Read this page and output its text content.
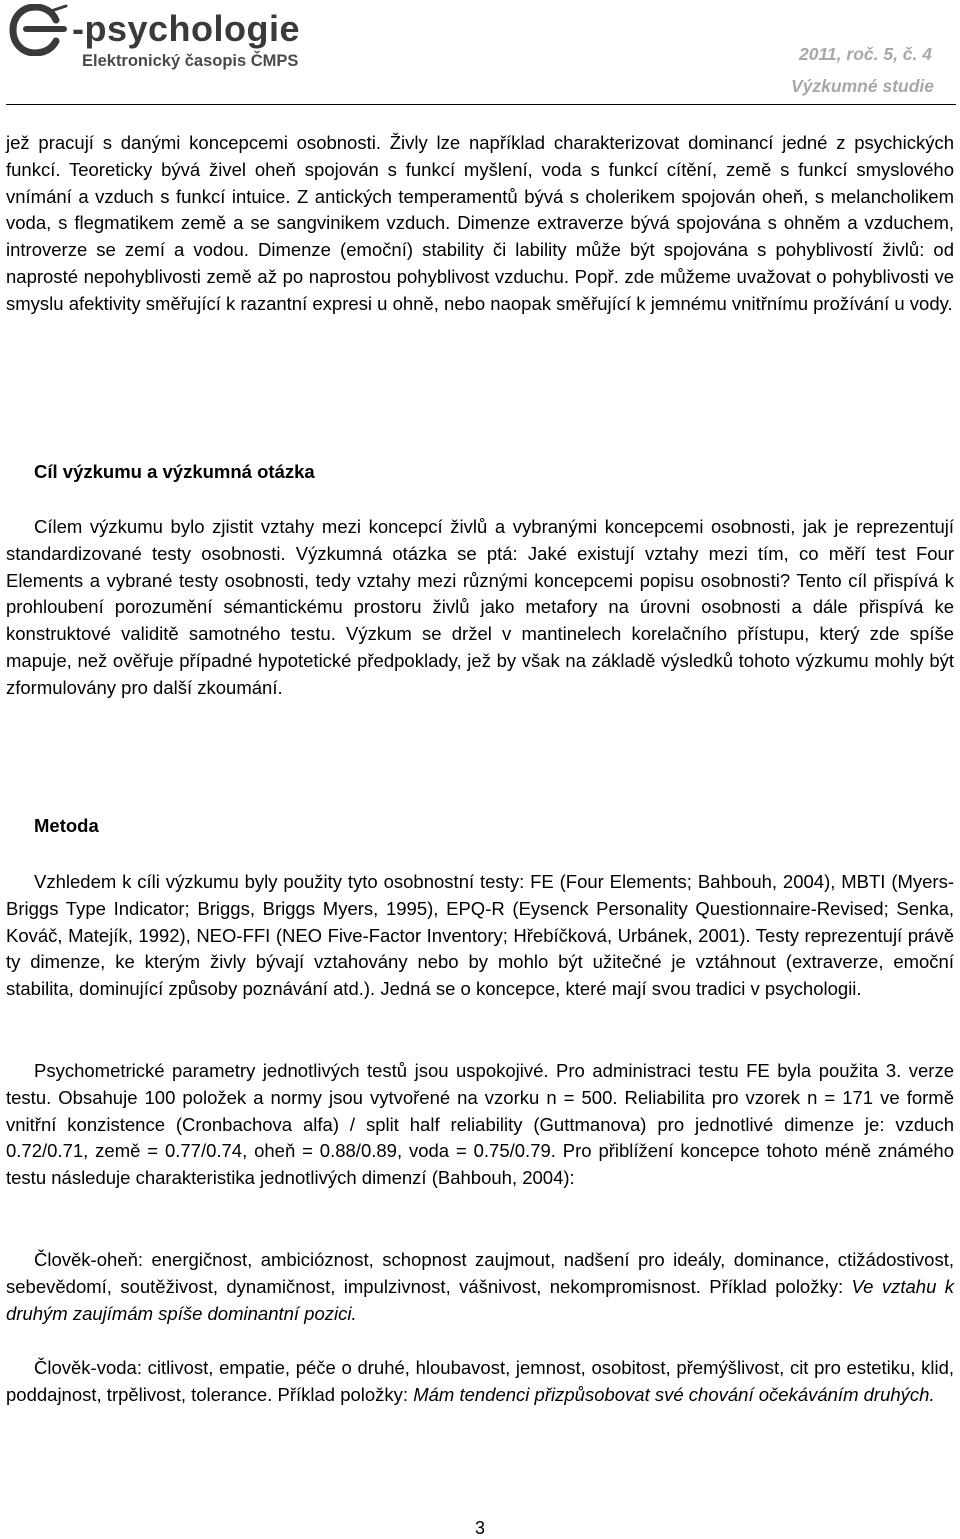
-psychologie
Elektronický časopis ČMPS	2011, roč. 5, č. 4
Výzkumné studie

jež pracují s danými koncepcemi osobnosti. Živly lze například charakterizovat dominancí jedné z psychických funkcí. Teoreticky bývá živel oheň spojován s funkcí myšlení, voda s funkcí cítění, země s funkcí smyslového vnímání a vzduch s funkcí intuice. Z antických temperamentů bývá s cholerikem spojován oheň, s melancholikem voda, s flegmatikem země a se sangvinikem vzduch. Dimenze extraverze bývá spojována s ohněm a vzduchem, introverze se zemí a vodou. Dimenze (emoční) stability či lability může být spojována s pohyblivostí živlů: od naprosté nepohyblivosti země až po naprostou pohyblivost vzduchu. Popř. zde můžeme uvažovat o pohyblivosti ve smyslu afektivity směřující k razantní expresi u ohně, nebo naopak směřující k jemnému vnitřnímu prožívání u vody.

Cíl výzkumu a výzkumná otázka

Cílem výzkumu bylo zjistit vztahy mezi koncepcí živlů a vybranými koncepcemi osobnosti, jak je reprezentují standardizované testy osobnosti. Výzkumná otázka se ptá: Jaké existují vztahy mezi tím, co měří test Four Elements a vybrané testy osobnosti, tedy vztahy mezi různými koncepcemi popisu osobnosti? Tento cíl přispívá k prohloubení porozumění sémantickému prostoru živlů jako metafory na úrovni osobnosti a dále přispívá ke konstruktové validitě samotného testu. Výzkum se držel v mantinelech korelačního přístupu, který zde spíše mapuje, než ověřuje případné hypotetické předpoklady, jež by však na základě výsledků tohoto výzkumu mohly být zformulovány pro další zkoumání.

Metoda

Vzhledem k cíli výzkumu byly použity tyto osobnostní testy: FE (Four Elements; Bahbouh, 2004), MBTI (Myers-Briggs Type Indicator; Briggs, Briggs Myers, 1995), EPQ-R (Eysenck Personality Questionnaire-Revised; Senka, Kováč, Matejík, 1992), NEO-FFI (NEO Five-Factor Inventory; Hřebíčková, Urbánek, 2001). Testy reprezentují právě ty dimenze, ke kterým živly bývají vztahovány nebo by mohlo být užitečné je vztáhnout (extraverze, emoční stabilita, dominující způsoby poznávání atd.). Jedná se o koncepce, které mají svou tradici v psychologii.

Psychometrické parametry jednotlivých testů jsou uspokojivé. Pro administraci testu FE byla použita 3. verze testu. Obsahuje 100 položek a normy jsou vytvořené na vzorku n = 500. Reliabilita pro vzorek n = 171 ve formě vnitřní konzistence (Cronbachova alfa) / split half reliability (Guttmanova) pro jednotlivé dimenze je: vzduch 0.72/0.71, země = 0.77/0.74, oheň = 0.88/0.89, voda = 0.75/0.79. Pro přiblížení koncepce tohoto méně známého testu následuje charakteristika jednotlivých dimenzí (Bahbouh, 2004):

Člověk-oheň: energičnost, ambicióznost, schopnost zaujmout, nadšení pro ideály, dominance, ctižádostivost, sebevědomí, soutěživost, dynamičnost, impulzivnost, vášnivost, nekompromisnost. Příklad položky: Ve vztahu k druhým zaujímám spíše dominantní pozici.

Člověk-voda: citlivost, empatie, péče o druhé, hloubavost, jemnost, osobitost, přemýšlivost, cit pro estetiku, klid, poddajnost, trpělivost, tolerance. Příklad položky: Mám tendenci přizpůsobovat své chování očekáváním druhých.

3
